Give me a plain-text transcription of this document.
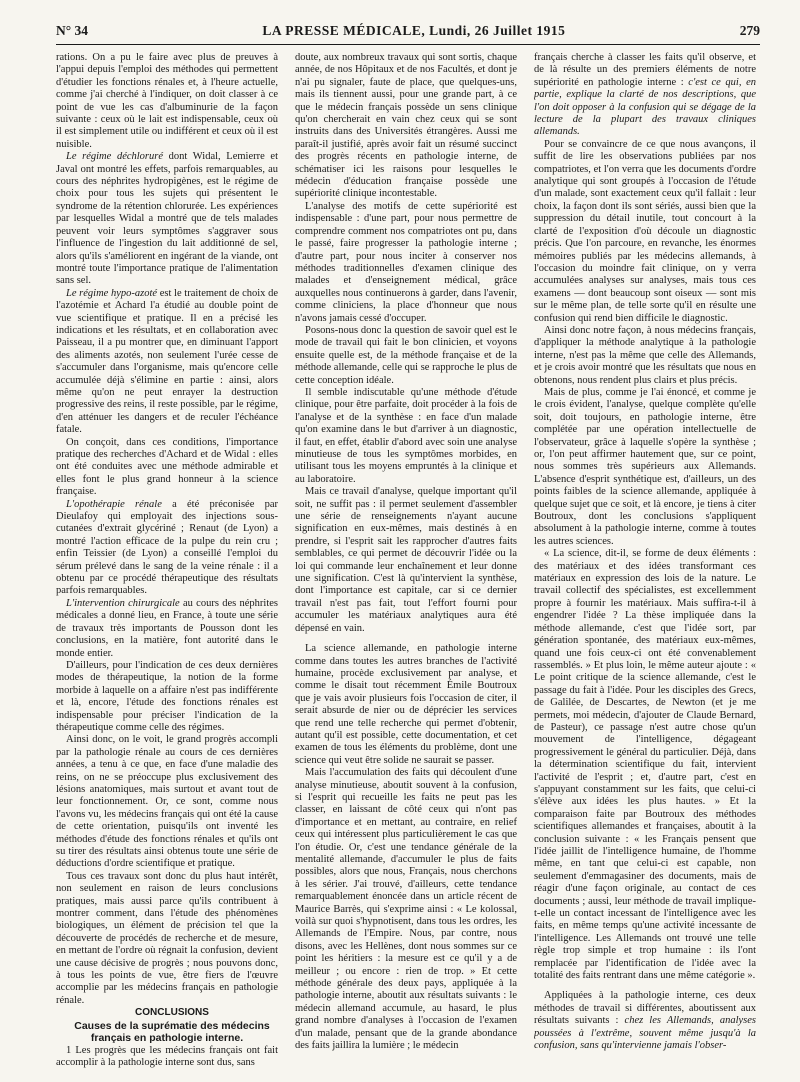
N° 34	LA PRESSE MÉDICALE, Lundi, 26 Juillet 1915	279

rations. On a pu le faire avec plus de preuves à l'appui depuis l'emploi des méthodes qui permettent d'étudier les fonctions rénales et, à l'heure actuelle, comme j'ai cherché à l'indiquer, on doit classer à ce point de vue les cas d'albuminurie de la façon suivante : ceux où le lait est indispensable, ceux où il est simplement utile ou indifférent et ceux où il est nuisible.

Le régime déchloruré dont Widal, Lemierre et Javal ont montré les effets, parfois remarquables, au cours des néphrites hydropigènes, est le régime de choix pour tous les sujets qui présentent le syndrome de la rétention chlorurée. Les expériences par lesquelles Widal a montré que de tels malades peuvent voir leurs symptômes s'aggraver sous l'influence de l'ingestion du lait additionné de sel, alors qu'ils s'améliorent en ingérant de la viande, ont montré toute l'importance pratique de l'alimentation sans sel.

Le régime hypo-azoté est le traitement de choix de l'azotémie et Achard l'a étudié au double point de vue scientifique et pratique. Il en a précisé les indications et les résultats, et en collaboration avec Paisseau, il a pu montrer que, en diminuant l'apport des aliments azotés, non seulement l'urée cesse de s'accumuler dans l'organisme, mais qu'encore celle accumulée déjà s'élimine en partie : ainsi, alors même qu'on ne peut enrayer la destruction progressive des reins, il reste possible, par le régime, d'en atténuer les dangers et de reculer l'échéance fatale.

On conçoit, dans ces conditions, l'importance pratique des recherches d'Achard et de Widal : elles ont été conduites avec une méthode admirable et elles font le plus grand honneur à la science française.

L'opothérapie rénale a été préconisée par Dieulafoy qui employait des injections sous-cutanées d'extrait glycériné ; Renaut (de Lyon) a montré l'action efficace de la pulpe du rein cru ; enfin Teissier (de Lyon) a conseillé l'emploi du sérum prélevé dans le sang de la veine rénale : il a obtenu par ce procédé thérapeutique des résultats parfois remarquables.

L'intervention chirurgicale au cours des néphrites médicales a donné lieu, en France, à toute une série de travaux très importants de Pousson dont les conclusions, en la matière, font autorité dans le monde entier.

D'ailleurs, pour l'indication de ces deux dernières modes de thérapeutique, la notion de la forme morbide à laquelle on a affaire n'est pas indifférente et là, encore, l'étude des fonctions rénales est indispensable pour préciser l'indication de la thérapeutique comme celle des régimes.

Ainsi donc, on le voit, le grand progrès accompli par la pathologie rénale au cours de ces dernières années, a tenu à ce que, en face d'une maladie des reins, on ne se préoccupe plus exclusivement des lésions anatomiques, mais surtout et avant tout de leur fonctionnement. Or, ce sont, comme nous l'avons vu, les médecins français qui ont été la cause de cette orientation, puisqu'ils ont inventé les méthodes d'étude des fonctions rénales et qu'ils ont su tirer des résultats ainsi obtenus toute une série de déductions d'ordre scientifique et pratique.

Tous ces travaux sont donc du plus haut intérêt, non seulement en raison de leurs conclusions pratiques, mais aussi parce qu'ils contribuent à montrer comment, dans l'étude des phénomènes biologiques, un élément de précision tel que la découverte de procédés de recherche et de mesure, en mettant de l'ordre où régnait la confusion, devient une cause décisive de progrès ; nous pouvons donc, à tous les points de vue, être fiers de l'œuvre accomplie par les médecins français en pathologie rénale.

CONCLUSIONS

Causes de la suprématie des médecins français en pathologie interne.

1 Les progrès que les médecins français ont fait accomplir à la pathologie interne sont dus, sans

doute, aux nombreux travaux qui sont sortis, chaque année, de nos Hôpitaux et de nos Facultés, et dont je n'ai pu signaler, faute de place, que quelques-uns, mais ils tiennent aussi, pour une grande part, à ce que le médecin français possède un sens clinique qu'on chercherait en vain chez ceux qui se sont instruits dans des Universités étrangères. Aussi me paraît-il justifié, après avoir fait un résumé succinct des progrès récents en pathologie interne, de schématiser ici les raisons pour lesquelles le médecin d'éducation française possède une supériorité clinique incontestable.

L'analyse des motifs de cette supériorité est indispensable : d'une part, pour nous permettre de comprendre comment nos compatriotes ont pu, dans le passé, faire progresser la pathologie interne ; d'autre part, pour nous inciter à conserver nos méthodes traditionnelles d'examen clinique des malades et d'enseignement médical, grâce auxquelles nous continuerons à garder, dans l'avenir, comme cliniciens, la place d'honneur que nous n'avons jamais cessé d'occuper.

Posons-nous donc la question de savoir quel est le mode de travail qui fait le bon clinicien, et voyons ensuite quelle est, de la méthode française et de la méthode allemande, celle qui se rapproche le plus de cette conception idéale.

Il semble indiscutable qu'une méthode d'étude clinique, pour être parfaite, doit procéder à la fois de l'analyse et de la synthèse : en face d'un malade qu'on examine dans le but d'arriver à un diagnostic, il faut, en effet, établir d'abord avec soin une analyse minutieuse de tous les symptômes morbides, en utilisant tous les moyens empruntés à la clinique et au laboratoire.

Mais ce travail d'analyse, quelque important qu'il soit, ne suffit pas : il permet seulement d'assembler une série de renseignements n'ayant aucune signification en eux-mêmes, mais destinés à en prendre, si l'esprit sait les rapprocher d'autres faits semblables, ce qui permet de découvrir l'idée ou la loi qui commande leur enchaînement et leur donne une signification. C'est là qu'intervient la synthèse, dont l'importance est capitale, car si ce dernier travail n'est pas fait, tout l'effort fourni pour accumuler les matériaux analytiques aura été dépensé en vain.

La science allemande, en pathologie interne comme dans toutes les autres branches de l'activité humaine, procède exclusivement par analyse, et comme le disait tout récemment Émile Boutroux que je vais avoir plusieurs fois l'occasion de citer, il serait absurde de nier ou de déprécier les services que rend une telle recherche qui permet d'obtenir, autant qu'il est possible, cette documentation, et cet examen de tous les éléments du problème, dont une science qui veut être solide ne saurait se passer.

Mais l'accumulation des faits qui découlent d'une analyse minutieuse, aboutit souvent à la confusion, si l'esprit qui recueille les faits ne peut pas les classer, en laissant de côté ceux qui n'ont pas d'importance et en mettant, au contraire, en relief ceux qui intéressent plus particulièrement le cas que l'on étudie. Or, c'est une tendance générale de la mentalité allemande, d'accumuler le plus de faits possibles, alors que nous, Français, nous cherchons à les sérier. J'ai trouvé, d'ailleurs, cette tendance remarquablement énoncée dans un article récent de Maurice Barrès, qui s'exprime ainsi : « Le kolossal, voilà sur quoi s'hypnotisent, dans tous les ordres, les Allemands de l'Empire. Nous, par contre, nous disons, avec les Hellènes, dont nous sommes sur ce point les héritiers : la mesure est ce qu'il y a de meilleur ; ou encore : rien de trop. » Et cette méthode générale des deux pays, appliquée à la pathologie interne, aboutit aux résultats suivants : le médecin allemand accumule, au hasard, le plus grand nombre d'analyses à l'occasion de l'examen d'un malade, pensant que de la grande abondance des faits jaillira la lumière ; le médecin

français cherche à classer les faits qu'il observe, et de là résulte un des premiers éléments de notre supériorité en pathologie interne : c'est ce qui, en partie, explique la clarté de nos descriptions, que l'on doit opposer à la confusion qui se dégage de la lecture de la plupart des travaux cliniques allemands.

Pour se convaincre de ce que nous avançons, il suffit de lire les observations publiées par nos compatriotes, et l'on verra que les documents d'ordre analytique qui sont groupés à l'occasion de l'étude d'un malade, sont exactement ceux qu'il fallait : leur choix, la façon dont ils sont sériés, aussi bien que la suppression du détail inutile, tout concourt à la clarté de l'exposition d'où découle un diagnostic précis. Que l'on parcoure, en revanche, les énormes mémoires publiés par les médecins allemands, à l'occasion du moindre fait clinique, on y verra accumulées analyses sur analyses, mais tous ces examens — dont beaucoup sont oiseux — sont mis sur le même plan, de telle sorte qu'il en résulte une confusion qui rend bien difficile le diagnostic.

Ainsi donc notre façon, à nous médecins français, d'appliquer la méthode analytique à la pathologie interne, n'est pas la même que celle des Allemands, et je crois avoir montré que les résultats que nous en obtenons, nous rendent plus clairs et plus précis.

Mais de plus, comme je l'ai énoncé, et comme je le crois évident, l'analyse, quelque complète qu'elle soit, doit toujours, en pathologie interne, être complétée par une opération intellectuelle de l'observateur, grâce à laquelle s'opère la synthèse ; or, l'on peut affirmer hautement que, sur ce point, nous sommes très supérieurs aux Allemands. L'absence d'esprit synthétique est, d'ailleurs, un des points faibles de la science allemande, appliquée à quelque sujet que ce soit, et là encore, je tiens à citer Boutroux, dont les conclusions s'appliquent absolument à la pathologie interne, comme à toutes les autres sciences.

« La science, dit-il, se forme de deux éléments : des matériaux et des idées transformant ces matériaux en expression des lois de la nature. Le travail collectif des spécialistes, est excellemment propre à fournir les matériaux. Mais suffira-t-il à engendrer l'idée ? La thèse impliquée dans la méthode allemande, c'est que l'idée sort, par génération spontanée, des matériaux eux-mêmes, quand une fois ceux-ci ont été convenablement rassemblés. » Et plus loin, le même auteur ajoute : « Le point critique de la science allemande, c'est le passage du fait à l'idée. Pour les disciples des Grecs, de Galilée, de Descartes, de Newton (et je me permets, moi médecin, d'ajouter de Claude Bernard, de Pasteur), ce passage n'est autre chose qu'un mouvement de l'intelligence, dégageant progressivement le général du particulier. Déjà, dans la détermination scientifique du fait, intervient l'activité de l'esprit ; et, d'autre part, c'est en s'appuyant constamment sur les faits, que celui-ci s'élève aux idées les plus hautes. » Et la comparaison faite par Boutroux des méthodes scientifiques allemandes et françaises, aboutit à la conclusion suivante : « les Français pensent que l'idée jaillit de l'intelligence humaine, de l'homme même, en tant que celui-ci est capable, non seulement d'emmagasiner des documents, mais de réagir d'une façon originale, au contact de ces documents ; aussi, leur méthode de travail implique-t-elle un contact incessant de l'intelligence avec les faits, en même temps qu'une activité incessante de l'intelligence. Les Allemands ont trouvé une telle règle trop simple et trop humaine : ils l'ont remplacée par l'identification de l'idée avec la totalité des faits rentrant dans une même catégorie ».

Appliquées à la pathologie interne, ces deux méthodes de travail si différentes, aboutissent aux résultats suivants : chez les Allemands, analyses poussées à l'extrême, souvent même jusqu'à la confusion, sans qu'intervienne jamais l'obser-
